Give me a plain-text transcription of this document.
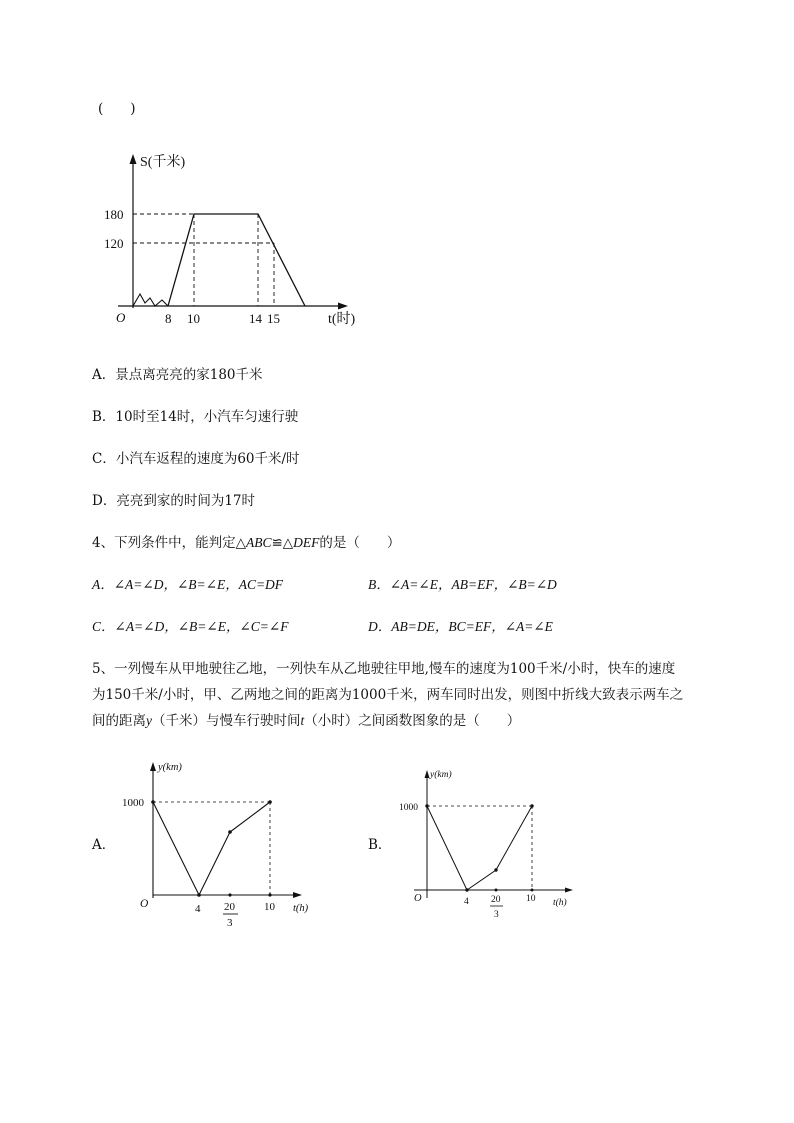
(　　)
S(千米)
180
120
O	8 10	14 15	t(时)
A．景点离亮亮的家180千米
B．10时至14时，小汽车匀速行驶
C．小汽车返程的速度为60千米/时
D．亮亮到家的时间为17时
4、下列条件中，能判定△ABC≌△DEF的是（　　）
A．∠A=∠D，∠B=∠E，AC=DF	B．∠A=∠E，AB=EF，∠B=∠D
C．∠A=∠D，∠B=∠E，∠C=∠F	D．AB=DE，BC=EF，∠A=∠E
5、一列慢车从甲地驶往乙地，一列快车从乙地驶往甲地,慢车的速度为100千米/小时，快车的速度
为150千米/小时，甲、乙两地之间的距离为1000千米，两车同时出发，则图中折线大致表示两车之
间的距离y（千米）与慢车行驶时间t（小时）之间函数图象的是（　　）
A．	B．
y(km)
1000
O	4 20
3
10 t(h)
y(km)
1000
O	4 20
3
10 t(h)
